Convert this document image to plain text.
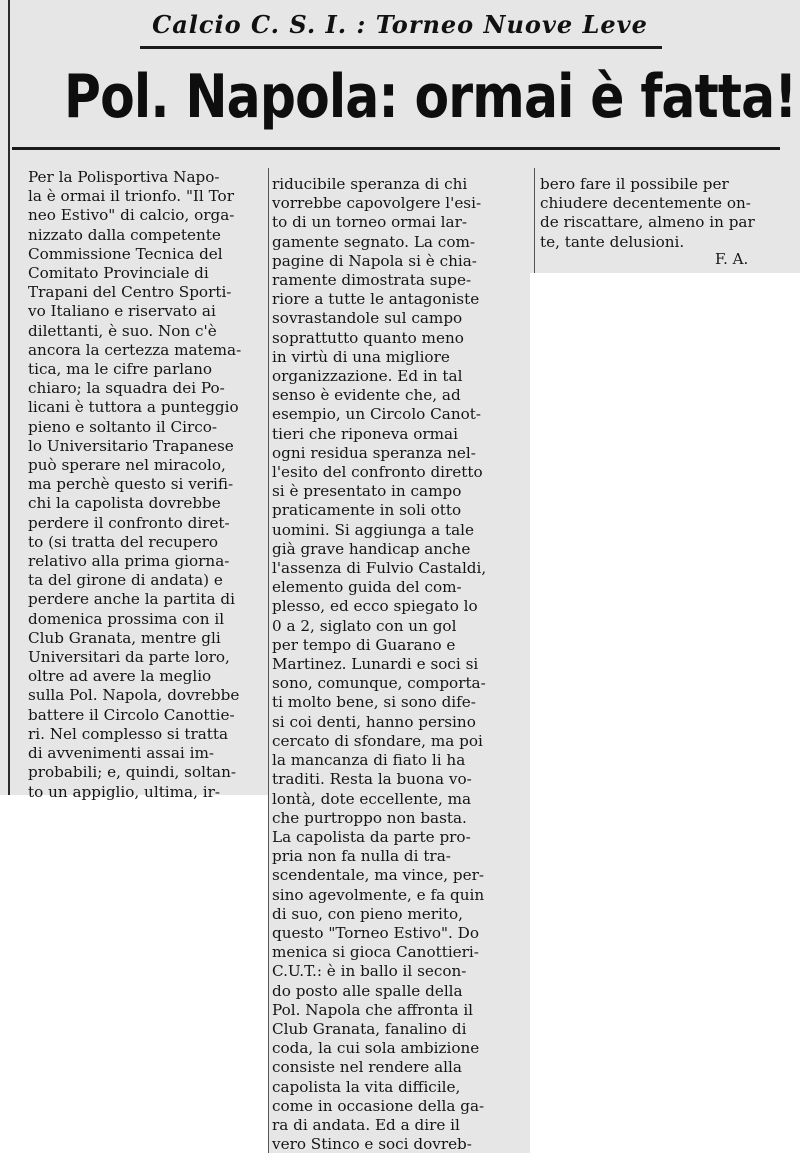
Calcio C. S. I. : Torneo Nuove Leve
Pol. Napola: ormai è fatta!
Per la Polisportiva Napo-
la è ormai il trionfo. "Il Tor
neo Estivo" di calcio, orga-
nizzato dalla competente
Commissione Tecnica del
Comitato Provinciale di
Trapani del Centro Sporti-
vo Italiano e riservato ai
dilettanti, è suo. Non c'è
ancora la certezza matema-
tica, ma le cifre parlano
chiaro; la squadra dei Po-
licani è tuttora a punteggio
pieno e soltanto il Circo-
lo Universitario Trapanese
può sperare nel miracolo,
ma perchè questo si verifi-
chi la capolista dovrebbe
perdere il confronto diret-
to (si tratta del recupero
relativo alla prima giorna-
ta del girone di andata) e
perdere anche la partita di
domenica prossima con il
Club Granata, mentre gli
Universitari da parte loro,
oltre ad avere la meglio
sulla Pol. Napola, dovrebbe
battere il Circolo Canottie-
ri. Nel complesso si tratta
di avvenimenti assai im-
probabili; e, quindi, soltan-
to un appiglio, ultima, ir-
riducibile speranza di chi
vorrebbe capovolgere l'esi-
to di un torneo ormai lar-
gamente segnato. La com-
pagine di Napola si è chia-
ramente dimostrata supe-
riore a tutte le antagoniste
sovrastandole sul campo
soprattutto quanto meno
in virtù di una migliore
organizzazione. Ed in tal
senso è evidente che, ad
esempio, un Circolo Canot-
tieri che riponeva ormai
ogni residua speranza nel-
l'esito del confronto diretto
si è presentato in campo
praticamente in soli otto
uomini. Si aggiunga a tale
già grave handicap anche
l'assenza di Fulvio Castaldi,
elemento guida del com-
plesso, ed ecco spiegato lo
0 a 2, siglato con un gol
per tempo di Guarano e
Martinez. Lunardi e soci si
sono, comunque, comporta-
ti molto bene, si sono dife-
si coi denti, hanno persino
cercato di sfondare, ma poi
la mancanza di fiato li ha
traditi. Resta la buona vo-
lontà, dote eccellente, ma
che purtroppo non basta.
La capolista da parte pro-
pria non fa nulla di tra-
scendentale, ma vince, per-
sino agevolmente, e fa quin
di suo, con pieno merito,
questo "Torneo Estivo". Do
menica si gioca Canottieri-
C.U.T.: è in ballo il secon-
do posto alle spalle della
Pol. Napola che affronta il
Club Granata, fanalino di
coda, la cui sola ambizione
consiste nel rendere alla
capolista la vita difficile,
come in occasione della ga-
ra di andata. Ed a dire il
vero Stinco e soci dovreb-
bero fare il possibile per
chiudere decentemente on-
de riscattare, almeno in par
te, tante delusioni.
F. A.
